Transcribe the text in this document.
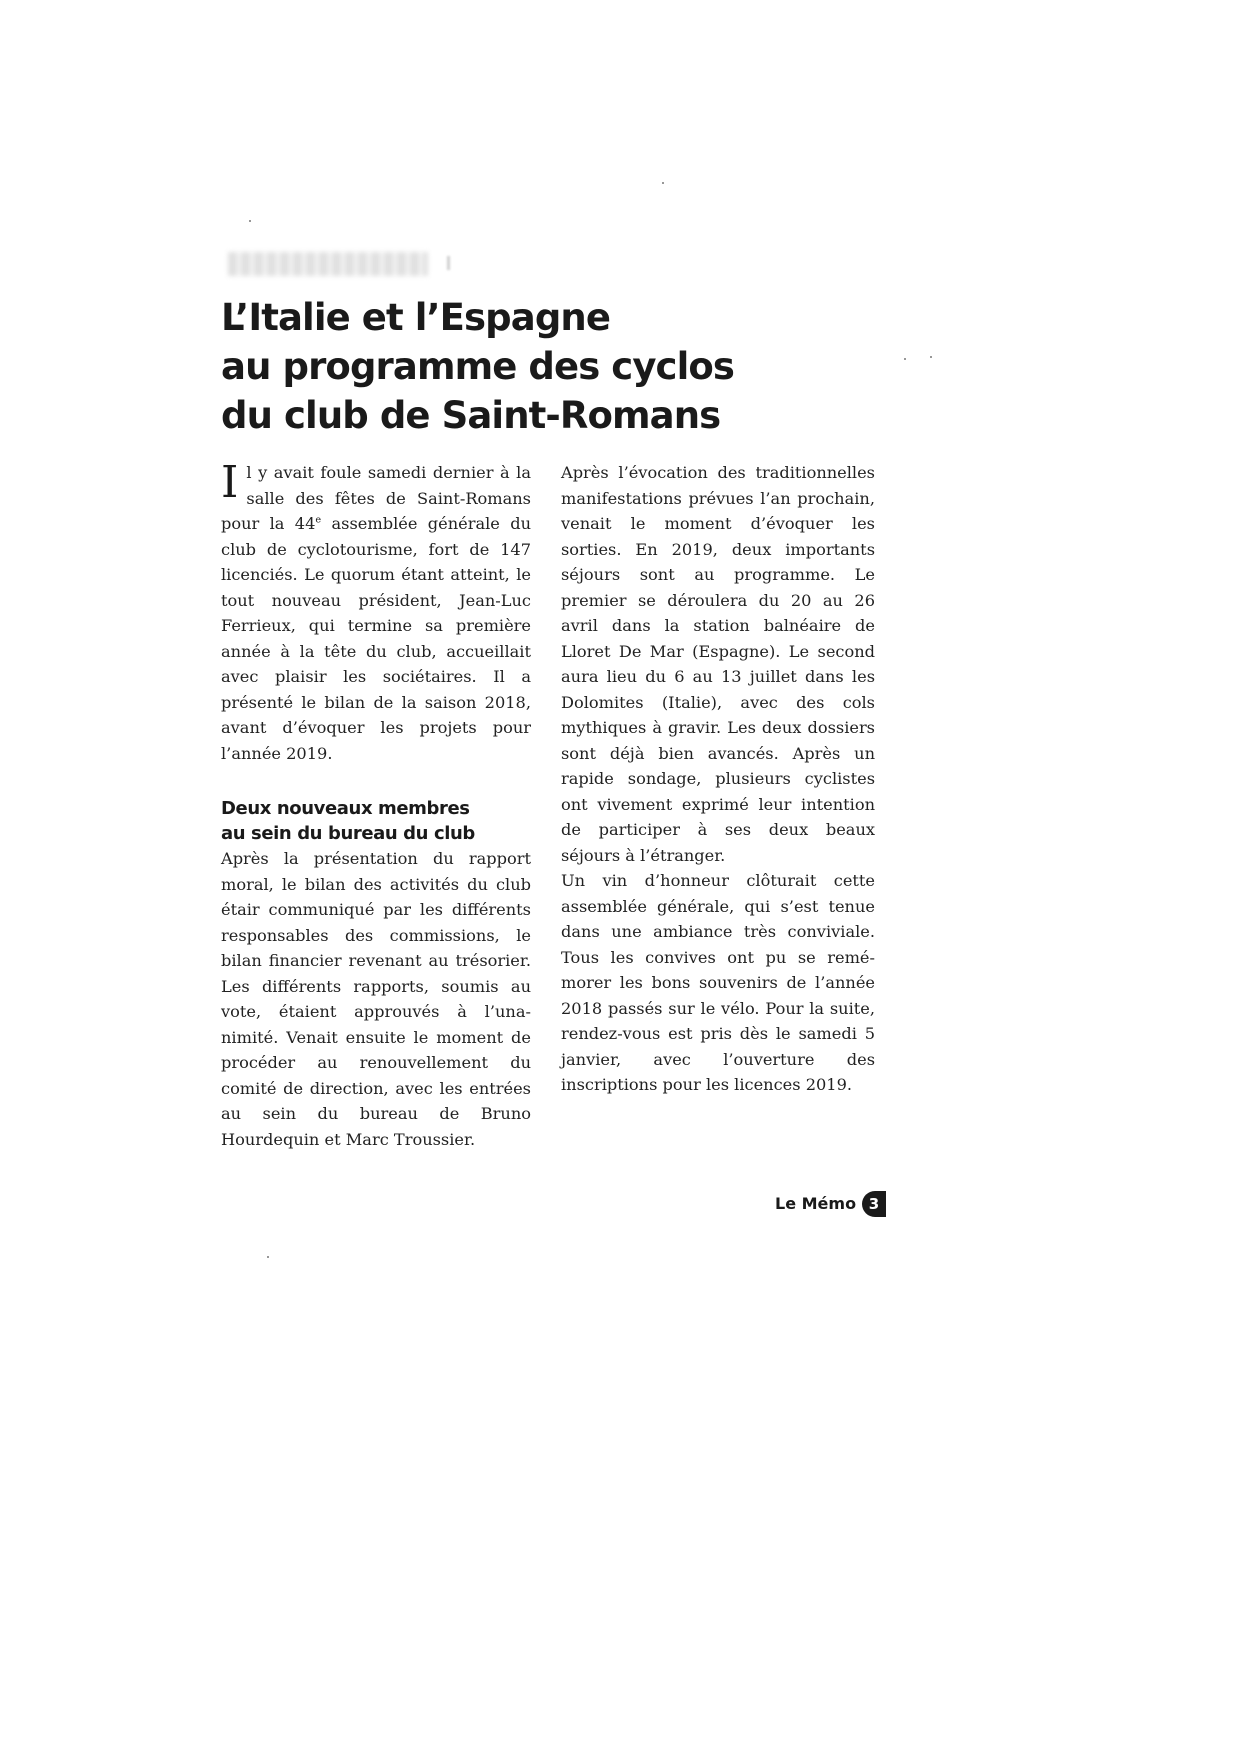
L’Italie et l’Espagne
au programme des cyclos
du club de Saint-Romans

Il y avait foule samedi dernier à la salle des fêtes de Saint-Romans pour la 44e assemblée générale du club de cyclotourisme, fort de 147 licenciés. Le quorum étant atteint, le tout nouveau président, Jean-Luc Ferrieux, qui termine sa première année à la tête du club, accueillait avec plaisir les sociétaires. Il a présenté le bilan de la saison 2018, avant d’évoquer les projets pour l’année 2019.

Deux nouveaux membres
au sein du bureau du club

Après la présentation du rapport moral, le bilan des activités du club étair communiqué par les différents responsables des commissions, le bilan financier revenant au trésorier. Les différents rapports, soumis au vote, étaient approuvés à l’unanimité. Venait ensuite le moment de procéder au renouvellement du comité de direction, avec les entrées au sein du bureau de Bruno Hourdequin et Marc Troussier.

Après l’évocation des traditionnelles manifestations prévues l’an prochain, venait le moment d’évoquer les sorties. En 2019, deux importants séjours sont au programme. Le premier se déroulera du 20 au 26 avril dans la station balnéaire de Lloret De Mar (Espagne). Le second aura lieu du 6 au 13 juillet dans les Dolomites (Italie), avec des cols mythiques à gravir. Les deux dossiers sont déjà bien avancés. Après un rapide sondage, plusieurs cyclistes ont vivement exprimé leur intention de participer à ses deux beaux séjours à l’étranger.

Un vin d’honneur clôturait cette assemblée générale, qui s’est tenue dans une ambiance très conviviale. Tous les convives ont pu se remémorer les bons souvenirs de l’année 2018 passés sur le vélo. Pour la suite, rendez-vous est pris dès le samedi 5 janvier, avec l’ouverture des inscriptions pour les licences 2019.

Le Mémo 3
